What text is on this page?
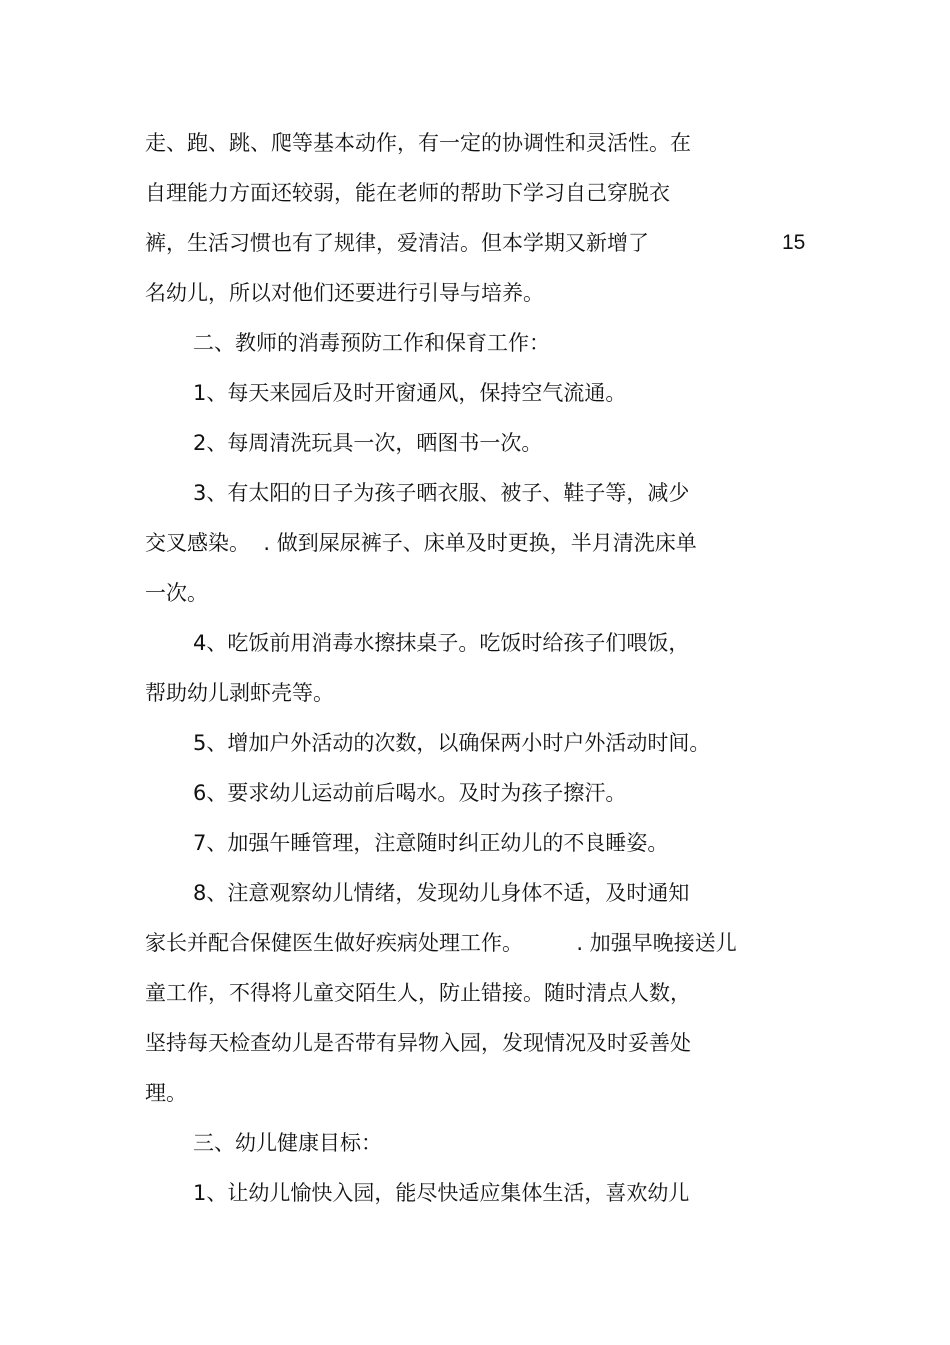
走、跑、跳、爬等基本动作，有一定的协调性和灵活性。在
自理能力方面还较弱，能在老师的帮助下学习自己穿脱衣
裤，生活习惯也有了规律，爱清洁。但本学期又新增了	15
名幼儿，所以对他们还要进行引导与培养。
二、教师的消毒预防工作和保育工作：
1、每天来园后及时开窗通风，保持空气流通。
2、每周清洗玩具一次，晒图书一次。
3、有太阳的日子为孩子晒衣服、被子、鞋子等，减少
交叉感染。  . 做到屎尿裤子、床单及时更换，半月清洗床单
一次。
4、吃饭前用消毒水擦抹桌子。吃饭时给孩子们喂饭，
帮助幼儿剥虾壳等。
5、增加户外活动的次数，以确保两小时户外活动时间。
6、要求幼儿运动前后喝水。及时为孩子擦汗。
7、加强午睡管理，注意随时纠正幼儿的不良睡姿。
8、注意观察幼儿情绪，发现幼儿身体不适，及时通知
家长并配合保健医生做好疾病处理工作。        . 加强早晚接送儿
童工作，不得将儿童交陌生人，防止错接。随时清点人数，
坚持每天检查幼儿是否带有异物入园，发现情况及时妥善处
理。
三、幼儿健康目标：
1、让幼儿愉快入园，能尽快适应集体生活，喜欢幼儿
